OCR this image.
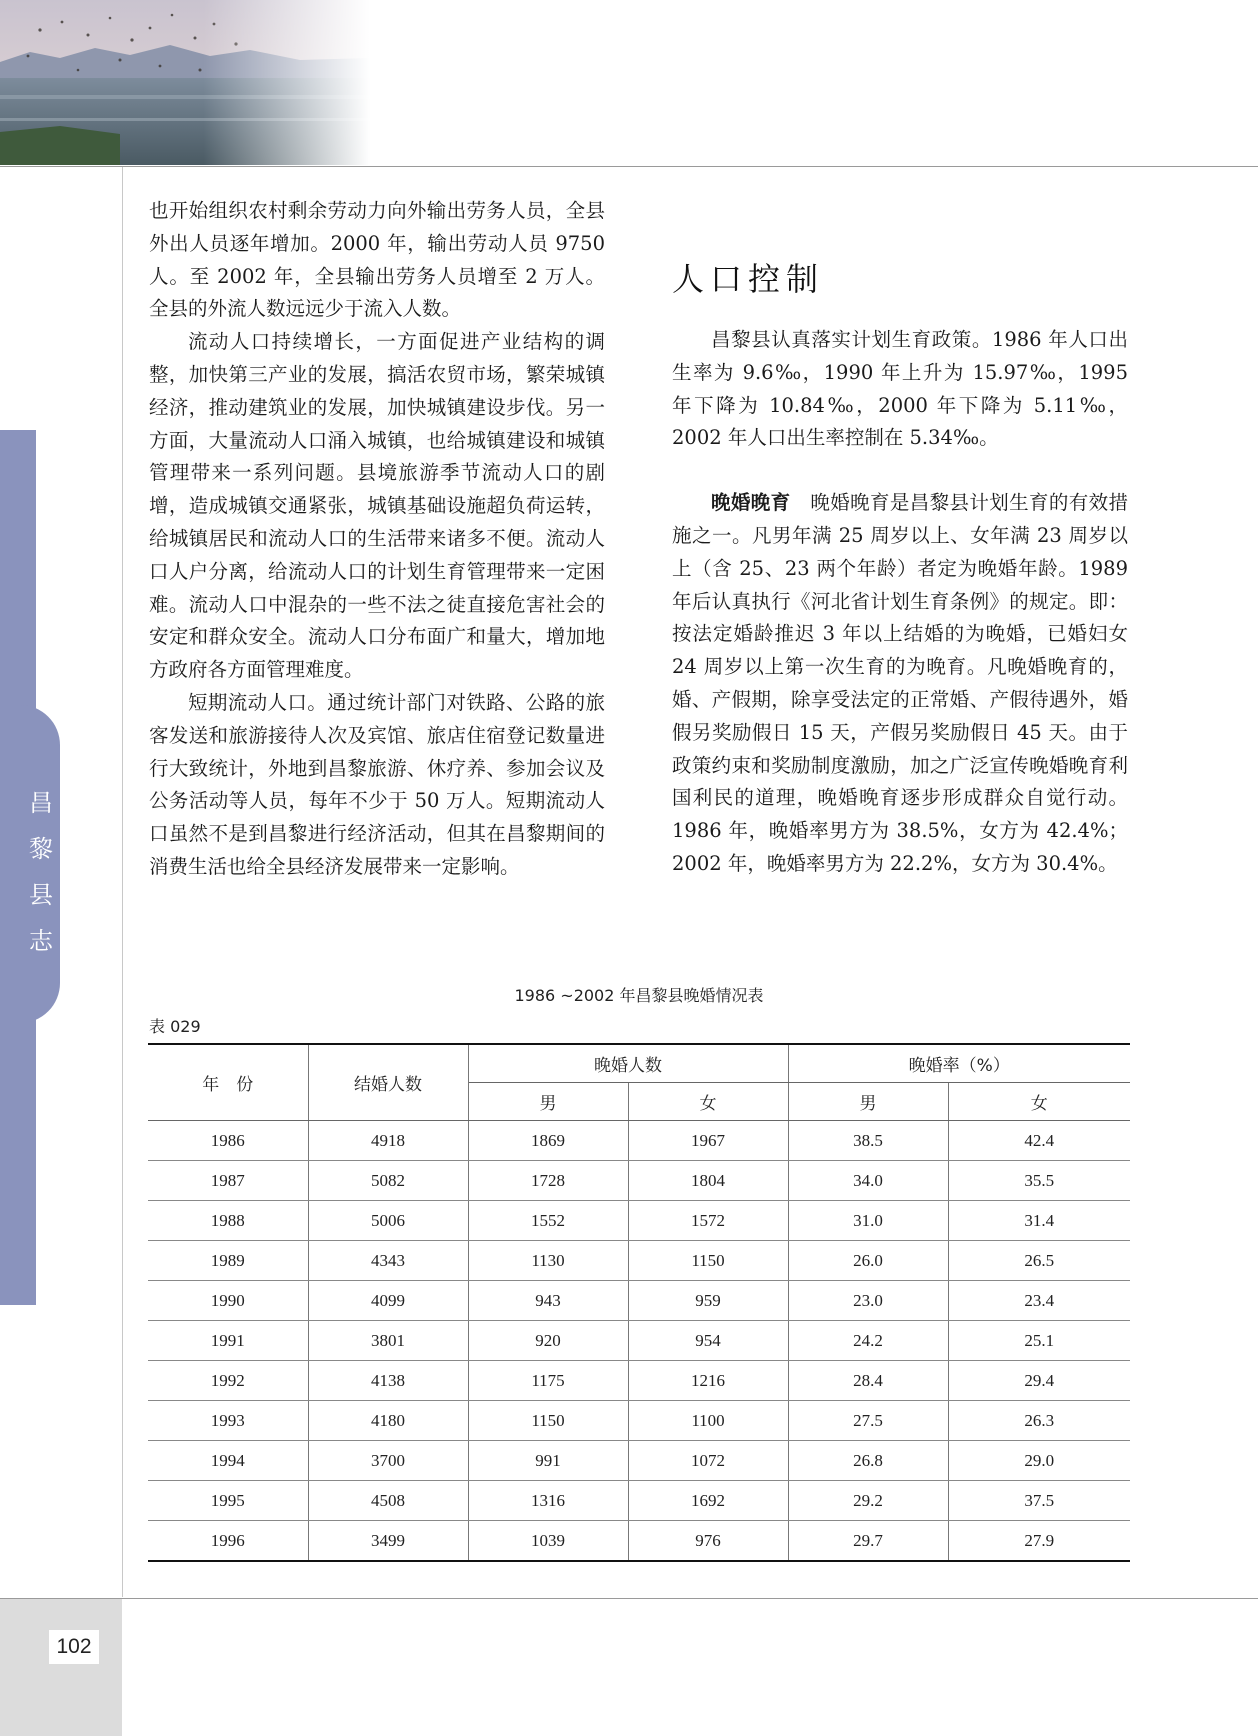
昌黎县志

也开始组织农村剩余劳动力向外输出劳务人员，全县外出人员逐年增加。2000 年，输出劳动人员 9750 人。至 2002 年，全县输出劳务人员增至 2 万人。全县的外流人数远远少于流入人数。

流动人口持续增长，一方面促进产业结构的调整，加快第三产业的发展，搞活农贸市场，繁荣城镇经济，推动建筑业的发展，加快城镇建设步伐。另一方面，大量流动人口涌入城镇，也给城镇建设和城镇管理带来一系列问题。县境旅游季节流动人口的剧增，造成城镇交通紧张，城镇基础设施超负荷运转，给城镇居民和流动人口的生活带来诸多不便。流动人口人户分离，给流动人口的计划生育管理带来一定困难。流动人口中混杂的一些不法之徒直接危害社会的安定和群众安全。流动人口分布面广和量大，增加地方政府各方面管理难度。

短期流动人口。通过统计部门对铁路、公路的旅客发送和旅游接待人次及宾馆、旅店住宿登记数量进行大致统计，外地到昌黎旅游、休疗养、参加会议及公务活动等人员，每年不少于 50 万人。短期流动人口虽然不是到昌黎进行经济活动，但其在昌黎期间的消费生活也给全县经济发展带来一定影响。

人口控制

昌黎县认真落实计划生育政策。1986 年人口出生率为 9.6‰，1990 年上升为 15.97‰，1995 年下降为 10.84‰，2000 年下降为 5.11‰，2002 年人口出生率控制在 5.34‰。

晚婚晚育　 晚婚晚育是昌黎县计划生育的有效措施之一。凡男年满 25 周岁以上、女年满 23 周岁以上（含 25、23 两个年龄）者定为晚婚年龄。1989 年后认真执行《河北省计划生育条例》的规定。即：按法定婚龄推迟 3 年以上结婚的为晚婚，已婚妇女 24 周岁以上第一次生育的为晚育。凡晚婚晚育的，婚、产假期，除享受法定的正常婚、产假待遇外，婚假另奖励假日 15 天，产假另奖励假日 45 天。由于政策约束和奖励制度激励，加之广泛宣传晚婚晚育利国利民的道理，晚婚晚育逐步形成群众自觉行动。1986 年，晚婚率男方为 38.5%，女方为 42.4%；2002 年，晚婚率男方为 22.2%，女方为 30.4%。

1986 ~2002 年昌黎县晚婚情况表
表 029
年　份	结婚人数	晚婚人数		晚婚率（%）	
		男	女	男	女
1986	4918	1869	1967	38.5	42.4
1987	5082	1728	1804	34.0	35.5
1988	5006	1552	1572	31.0	31.4
1989	4343	1130	1150	26.0	26.5
1990	4099	943	959	23.0	23.4
1991	3801	920	954	24.2	25.1
1992	4138	1175	1216	28.4	29.4
1993	4180	1150	1100	27.5	26.3
1994	3700	991	1072	26.8	29.0
1995	4508	1316	1692	29.2	37.5
1996	3499	1039	976	29.7	27.9
102
